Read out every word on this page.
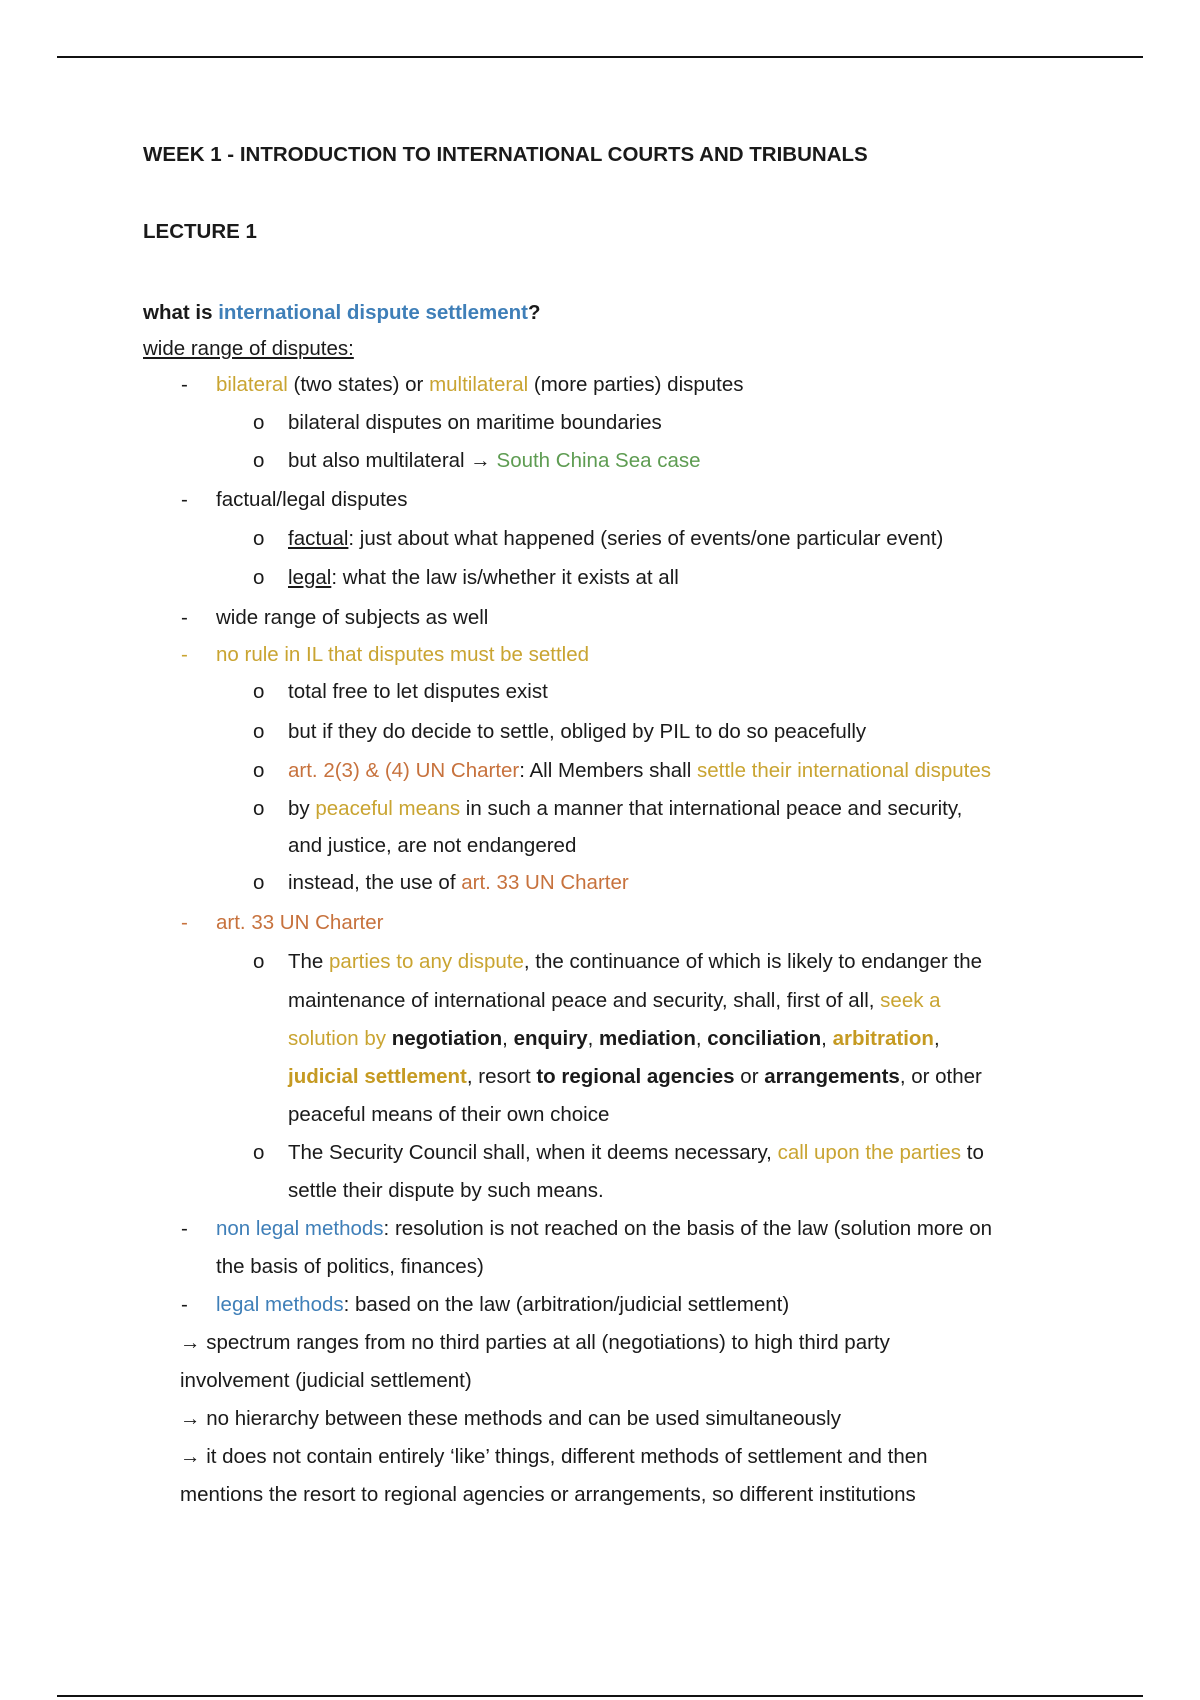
WEEK 1 - INTRODUCTION TO INTERNATIONAL COURTS AND TRIBUNALS
LECTURE 1
what is international dispute settlement?
wide range of disputes:
- bilateral (two states) or multilateral (more parties) disputes
o bilateral disputes on maritime boundaries
o but also multilateral → South China Sea case
- factual/legal disputes
o factual: just about what happened (series of events/one particular event)
o legal: what the law is/whether it exists at all
- wide range of subjects as well
- no rule in IL that disputes must be settled
o total free to let disputes exist
o but if they do decide to settle, obliged by PIL to do so peacefully
o art. 2(3) & (4) UN Charter: All Members shall settle their international disputes
o by peaceful means in such a manner that international peace and security,
and justice, are not endangered
o instead, the use of art. 33 UN Charter
- art. 33 UN Charter
o The parties to any dispute, the continuance of which is likely to endanger the
maintenance of international peace and security, shall, first of all, seek a
solution by negotiation, enquiry, mediation, conciliation, arbitration,
judicial settlement, resort to regional agencies or arrangements, or other
peaceful means of their own choice
o The Security Council shall, when it deems necessary, call upon the parties to
settle their dispute by such means.
- non legal methods: resolution is not reached on the basis of the law (solution more on
the basis of politics, finances)
- legal methods: based on the law (arbitration/judicial settlement)
→ spectrum ranges from no third parties at all (negotiations) to high third party
involvement (judicial settlement)
→ no hierarchy between these methods and can be used simultaneously
→ it does not contain entirely ‘like’ things, different methods of settlement and then
mentions the resort to regional agencies or arrangements, so different institutions
